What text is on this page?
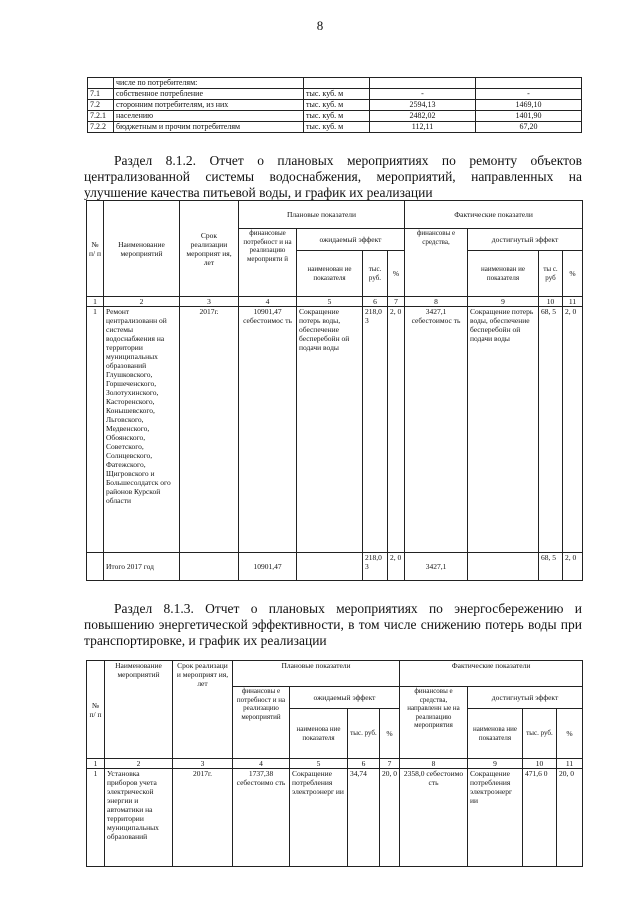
8
	числе по потребителям:			
7.1	собственное потребление	тыс. куб. м	-	-
7.2	сторонним потребителям, из них	тыс. куб. м	2594,13	1469,10
7.2.1	населению	тыс. куб. м	2482,02	1401,90
7.2.2	бюджетным и прочим потребителям	тыс. куб. м	112,11	67,20
Раздел 8.1.2. Отчет о плановых мероприятиях по ремонту объектов централизованной системы водоснабжения, мероприятий, направленных на улучшение качества питьевой воды, и график их реализации
№ п/ п	Наименование мероприятий	Срок реализации мероприят ия, лет	Плановые показатели				Фактические показатели			
			финансовые потребност и на реализацию мероприяти й	ожидаемый эффект			финансовы е средства,	достигнутый эффект		
				наименован ие показателя	тыс. руб.	%		наименован ие показателя	ты с. руб	%
1	2	3	4	5	6	7	8	9	10	11
1	Ремонт централизованн ой системы водоснабжения на территории муниципальных образований Глушковского, Горшеченского, Золотухинского, Касторенского, Конышевского, Льговского, Медвенского, Обоянского, Советского, Солнцевского, Фатежского, Щигровского и Большесолдатск ого районов Курской области	2017г.	10901,47 себестоимос ть	Сокращение потерь воды, обеспечение бесперебойн ой подачи воды	218,0 3	2, 0	3427,1 себестоимос ть	Сокращение потерь воды, обеспечение бесперебойн ой подачи воды	68, 5	2, 0
	Итого 2017 год		10901,47		218,0 3	2, 0	3427,1		68, 5	2, 0
Раздел 8.1.3. Отчет о плановых мероприятиях по энергосбережению и повышению энергетической эффективности, в том числе снижению потерь воды при транспортировке, и график их реализации
№ п/ п	Наименование мероприятий	Срок реализаци и мероприят ия, лет	Плановые показатели				Фактические показатели			
			финансовы е потребност и на реализацию мероприятий	ожидаемый эффект			финансовы е средства, направленн ые на реализацию мероприятия	достигнутый эффект		
				наименова ние показателя	тыс. руб.	%		наименова ние показателя	тыс. руб.	%
1	2	3	4	5	6	7	8	9	10	11
1	Установка приборов учета электрической энергии и автоматики на территории муниципальных образований	2017г.	1737,38 себестоимо сть	Сокращение потребления электроэнерг ии	34,74	20, 0	2358,0 себестоимо сть	Сокращение потребления электроэнерг ии	471,6 0	20, 0
